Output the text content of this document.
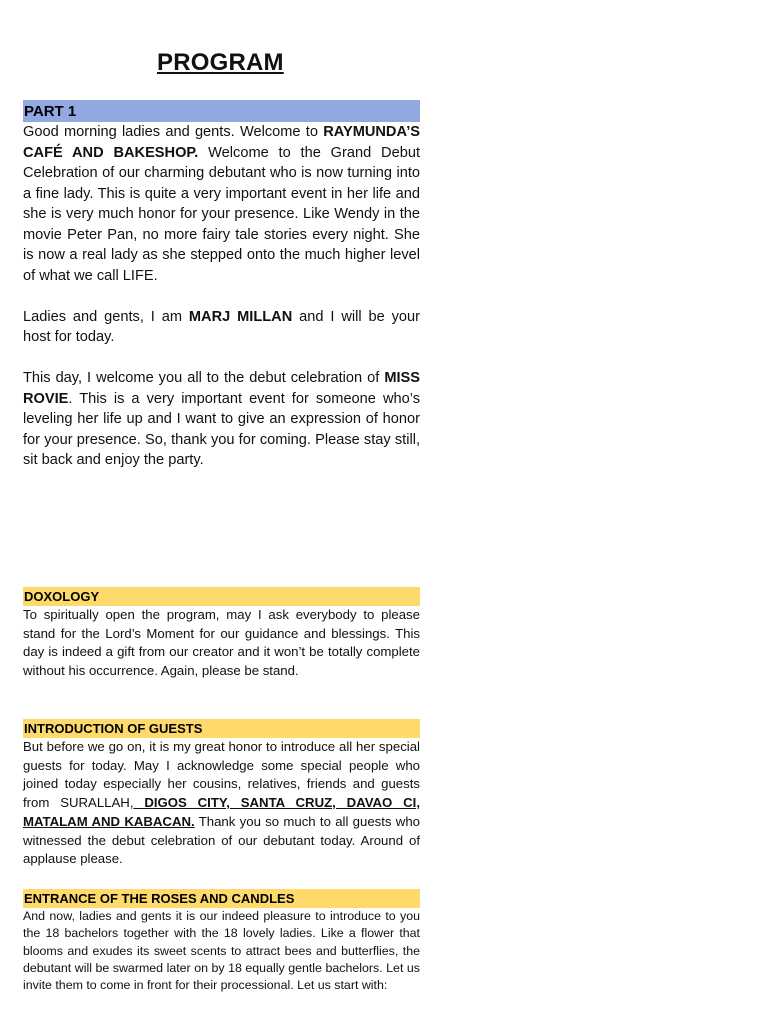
PROGRAM
PART 1

Good morning ladies and gents. Welcome to RAYMUNDA’S CAFÉ AND BAKESHOP. Welcome to the Grand Debut Celebration of our charming debutant who is now turning into a fine lady. This is quite a very important event in her life and she is very much honor for your presence. Like Wendy in the movie Peter Pan, no more fairy tale stories every night. She is now a real lady as she stepped onto the much higher level of what we call LIFE.

Ladies and gents, I am MARJ MILLAN and I will be your host for today.

This day, I welcome you all to the debut celebration of MISS ROVIE. This is a very important event for someone who’s leveling her life up and I want to give an expression of honor for your presence. So, thank you for coming. Please stay still, sit back and enjoy the party.

DOXOLOGY

To spiritually open the program, may I ask everybody to please stand for the Lord’s Moment for our guidance and blessings. This day is indeed a gift from our creator and it won’t be totally complete without his occurrence. Again, please be stand.

INTRODUCTION OF GUESTS

But before we go on, it is my great honor to introduce all her special guests for today. May I acknowledge some special people who joined today especially her cousins, relatives, friends and guests from SURALLAH, DIGOS CITY, SANTA CRUZ, DAVAO CI, MATALAM AND KABACAN. Thank you so much to all guests who witnessed the debut celebration of our debutant today. Around of applause please.

ENTRANCE OF THE ROSES AND CANDLES

And now, ladies and gents it is our indeed pleasure to introduce to you the 18 bachelors together with the 18 lovely ladies. Like a flower that blooms and exudes its sweet scents to attract bees and butterflies, the debutant will be swarmed later on by 18 equally gentle bachelors. Let us invite them to come in front for their processional. Let us start with:
